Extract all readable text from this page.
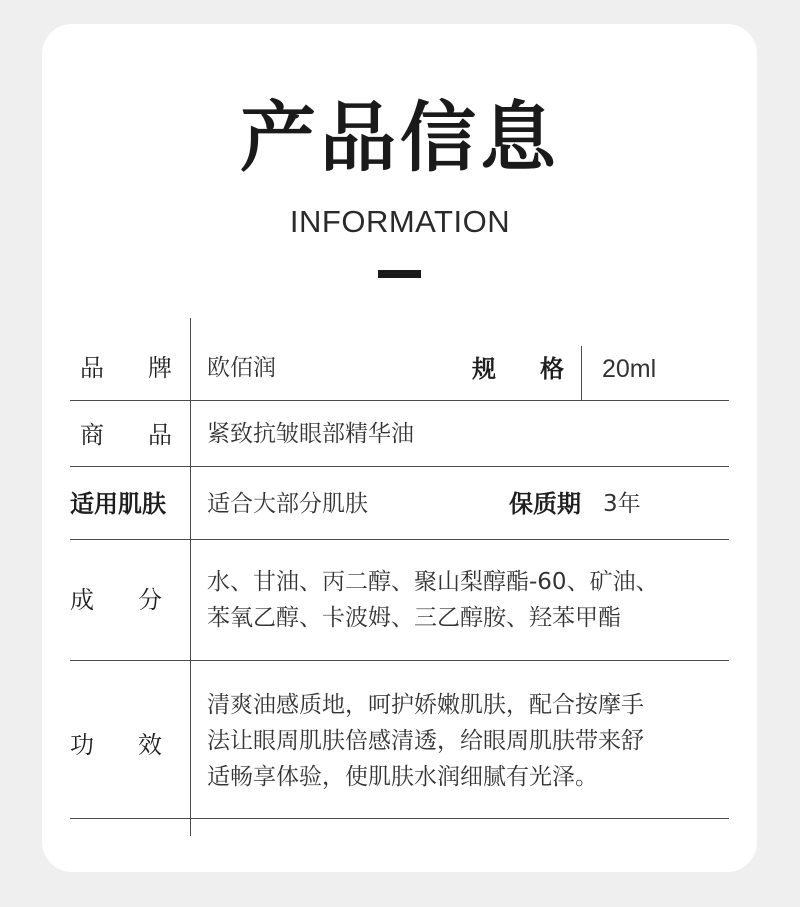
产品信息
INFORMATION
品 牌 欧佰润	规 格 20ml
商 品 紧致抗皱眼部精华油
适用肌肤 适合大部分肌肤	保质期 3年
成 分
水、甘油、丙二醇、聚山梨醇酯-60、矿油、
苯氧乙醇、卡波姆、三乙醇胺、羟苯甲酯
功 效
清爽油感质地，呵护娇嫩肌肤，配合按摩手
法让眼周肌肤倍感清透，给眼周肌肤带来舒
适畅享体验，使肌肤水润细腻有光泽。
